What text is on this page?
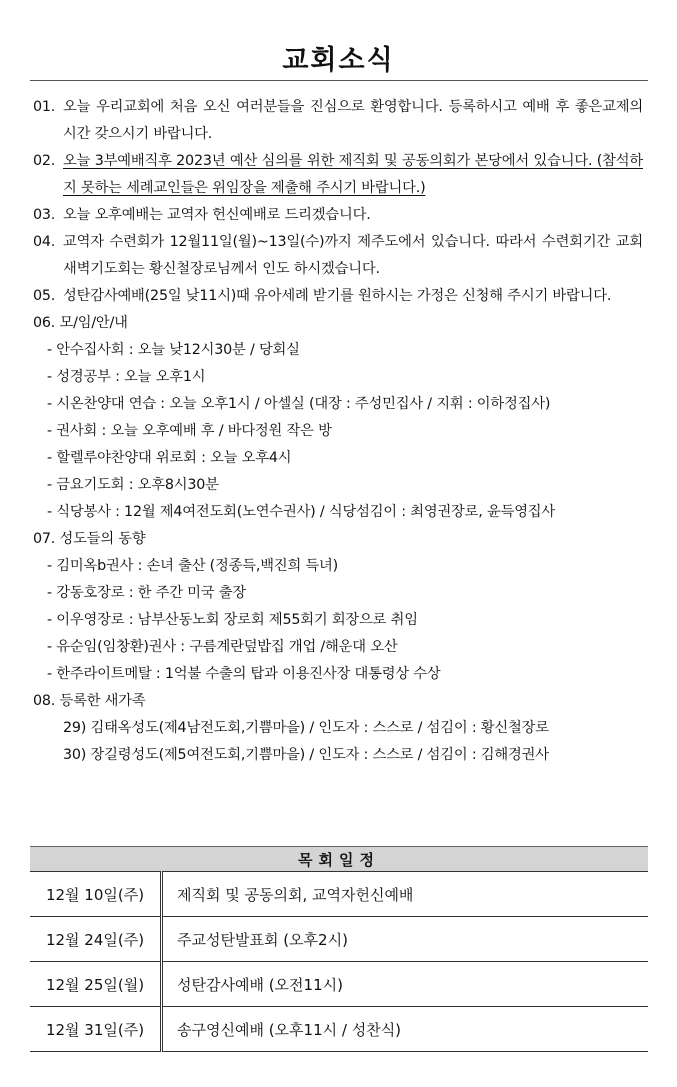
교회소식
01. 오늘 우리교회에 처음 오신 여러분들을 진심으로 환영합니다. 등록하시고 예배 후 좋은교제의 시간 갖으시기 바랍니다.
02. 오늘 3부예배직후 2023년 예산 심의를 위한 제직회 및 공동의회가 본당에서 있습니다. (참석하지 못하는 세례교인들은 위임장을 제출해 주시기 바랍니다.)
03. 오늘 오후예배는 교역자 헌신예배로 드리겠습니다.
04. 교역자 수련회가 12월11일(월)~13일(수)까지 제주도에서 있습니다. 따라서 수련회기간 교회새벽기도회는 황신철장로님께서 인도 하시겠습니다.
05. 성탄감사예배(25일 낮11시)때 유아세례 받기를 원하시는 가정은 신청해 주시기 바랍니다.
06. 모/임/안/내
- 안수집사회 : 오늘 낮12시30분 / 당회실
- 성경공부 : 오늘 오후1시
- 시온찬양대 연습 : 오늘 오후1시 / 아셀실 (대장 : 주성민집사 / 지휘 : 이하정집사)
- 권사회 : 오늘 오후예배 후 / 바다정원 작은 방
- 할렐루야찬양대 위로회 : 오늘 오후4시
- 금요기도회 : 오후8시30분
- 식당봉사 : 12월 제4여전도회(노연수권사) / 식당섬김이 : 최영권장로, 윤득영집사
07. 성도들의 동향
- 김미옥b권사 : 손녀 출산 (정종득,백진희 득녀)
- 강동호장로 : 한 주간 미국 출장
- 이우영장로 : 남부산동노회 장로회 제55회기 회장으로 취임
- 유순임(임창환)권사 : 구름계란덮밥집 개업 /해운대 오산
- 한주라이트메탈 : 1억불 수출의 탑과 이용진사장 대통령상 수상
08. 등록한 새가족
29) 김태옥성도(제4남전도회,기쁨마을) / 인도자 : 스스로 / 섬김이 : 황신철장로
30) 장길령성도(제5여전도회,기쁨마을) / 인도자 : 스스로 / 섬김이 : 김해경권사
목회일정	
12월 10일(주)	제직회 및 공동의회, 교역자헌신예배
12월 24일(주)	주교성탄발표회 (오후2시)
12월 25일(월)	성탄감사예배 (오전11시)
12월 31일(주)	송구영신예배 (오후11시 / 성찬식)
